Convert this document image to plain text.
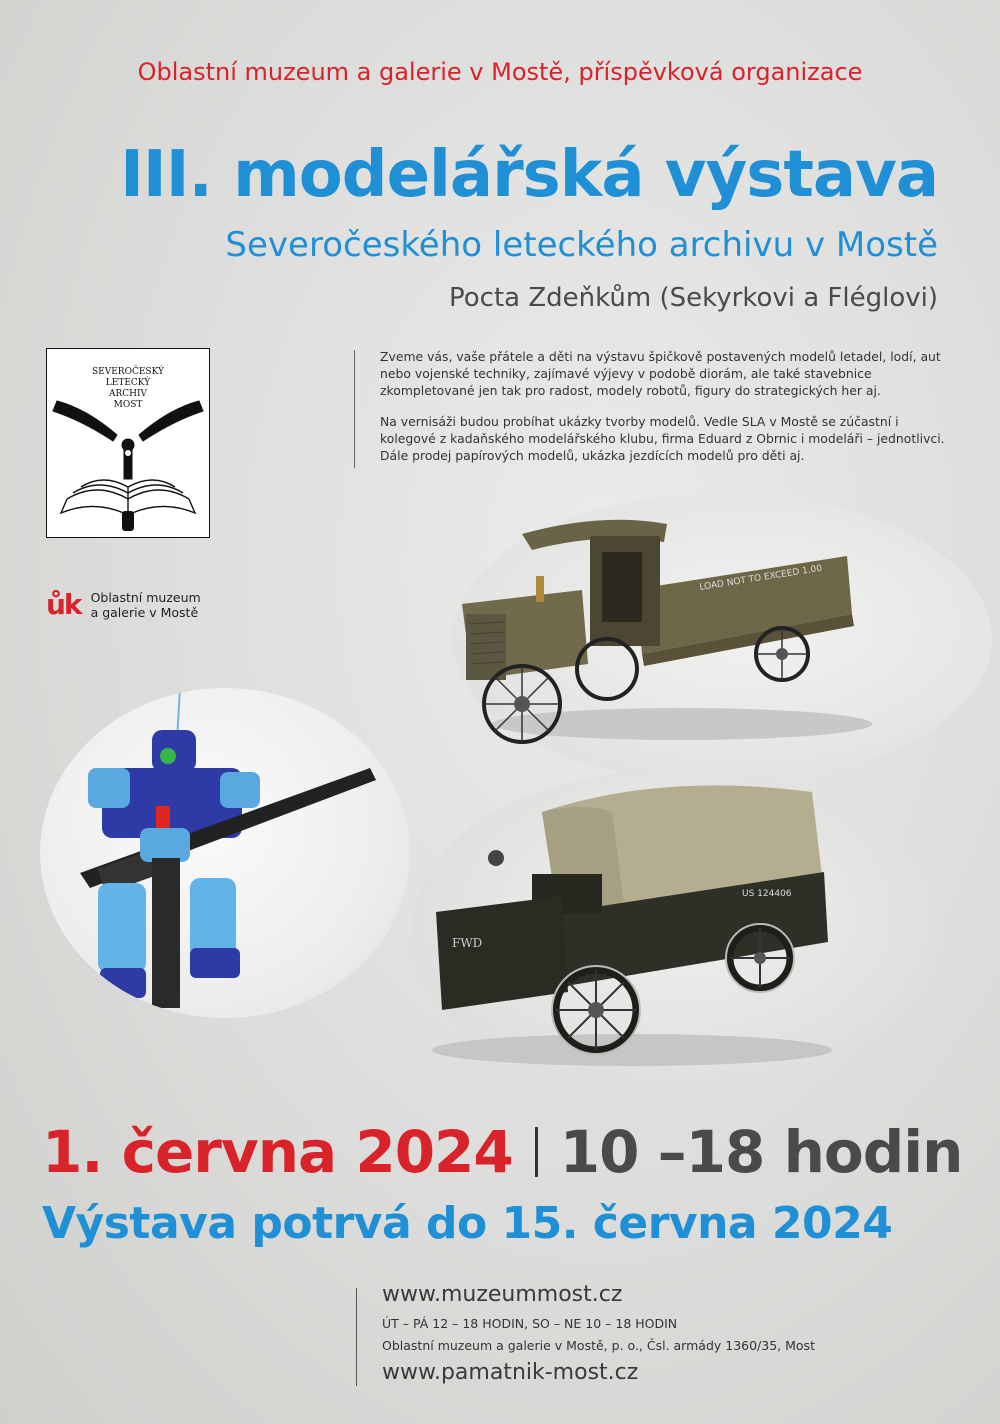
Oblastní muzeum a galerie v Mostě, příspěvková organizace
III. modelářská výstava
Severočeského leteckého archivu v Mostě
Pocta Zdeňkům (Sekyrkovi a Fléglovi)
SEVEROČESKÝ
LETECKÝ
ARCHIV
MOST

Zveme vás, vaše přátele a děti na výstavu špičkově postavených modelů letadel, lodí, aut nebo vojenské techniky, zajímavé výjevy v podobě diorám, ale také stavebnice zkompletované jen tak pro radost, modely robotů, figury do strategických her aj.

Na vernisáži budou probíhat ukázky tvorby modelů. Vedle SLA v Mostě se zúčastní i kolegové z kadaňského modelářského klubu, firma Eduard z Obrnic i modeláři – jednotlivci. Dále prodej papírových modelů, ukázka jezdících modelů pro děti aj.

ůk Oblastní muzeum
a galerie v Mostě
LOAD NOT TO EXCEED 1.00
US 124406
FWD
1. června 2024 10 –18 hodin
Výstava potrvá do 15. června 2024
www.muzeummost.cz
ÚT – PÁ 12 – 18 HODIN, SO – NE 10 – 18 HODIN
Oblastní muzeum a galerie v Mostě, p. o., Čsl. armády 1360/35, Most
www.pamatnik-most.cz
